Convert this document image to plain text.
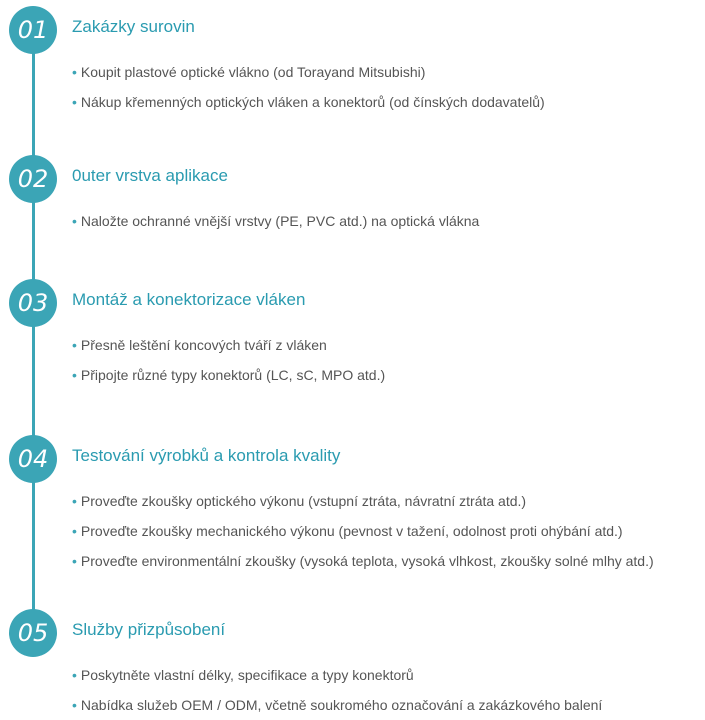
01	Zakázky surovin
• Koupit plastové optické vlákno (od Torayand Mitsubishi)
• Nákup křemenných optických vláken a konektorů (od čínských dodavatelů)
02	0uter vrstva aplikace
• Naložte ochranné vnější vrstvy (PE, PVC atd.) na optická vlákna
03	Montáž a konektorizace vláken
• Přesně leštění koncových tváří z vláken
• Připojte různé typy konektorů (LC, sC, MPO atd.)
04	Testování výrobků a kontrola kvality
• Proveďte zkoušky optického výkonu (vstupní ztráta, návratní ztráta atd.)
• Proveďte zkoušky mechanického výkonu (pevnost v tažení, odolnost proti ohýbání atd.)
• Proveďte environmentální zkoušky (vysoká teplota, vysoká vlhkost, zkoušky solné mlhy atd.)
05	Služby přizpůsobení
• Poskytněte vlastní délky, specifikace a typy konektorů
• Nabídka služeb OEM / ODM, včetně soukromého označování a zakázkového balení
